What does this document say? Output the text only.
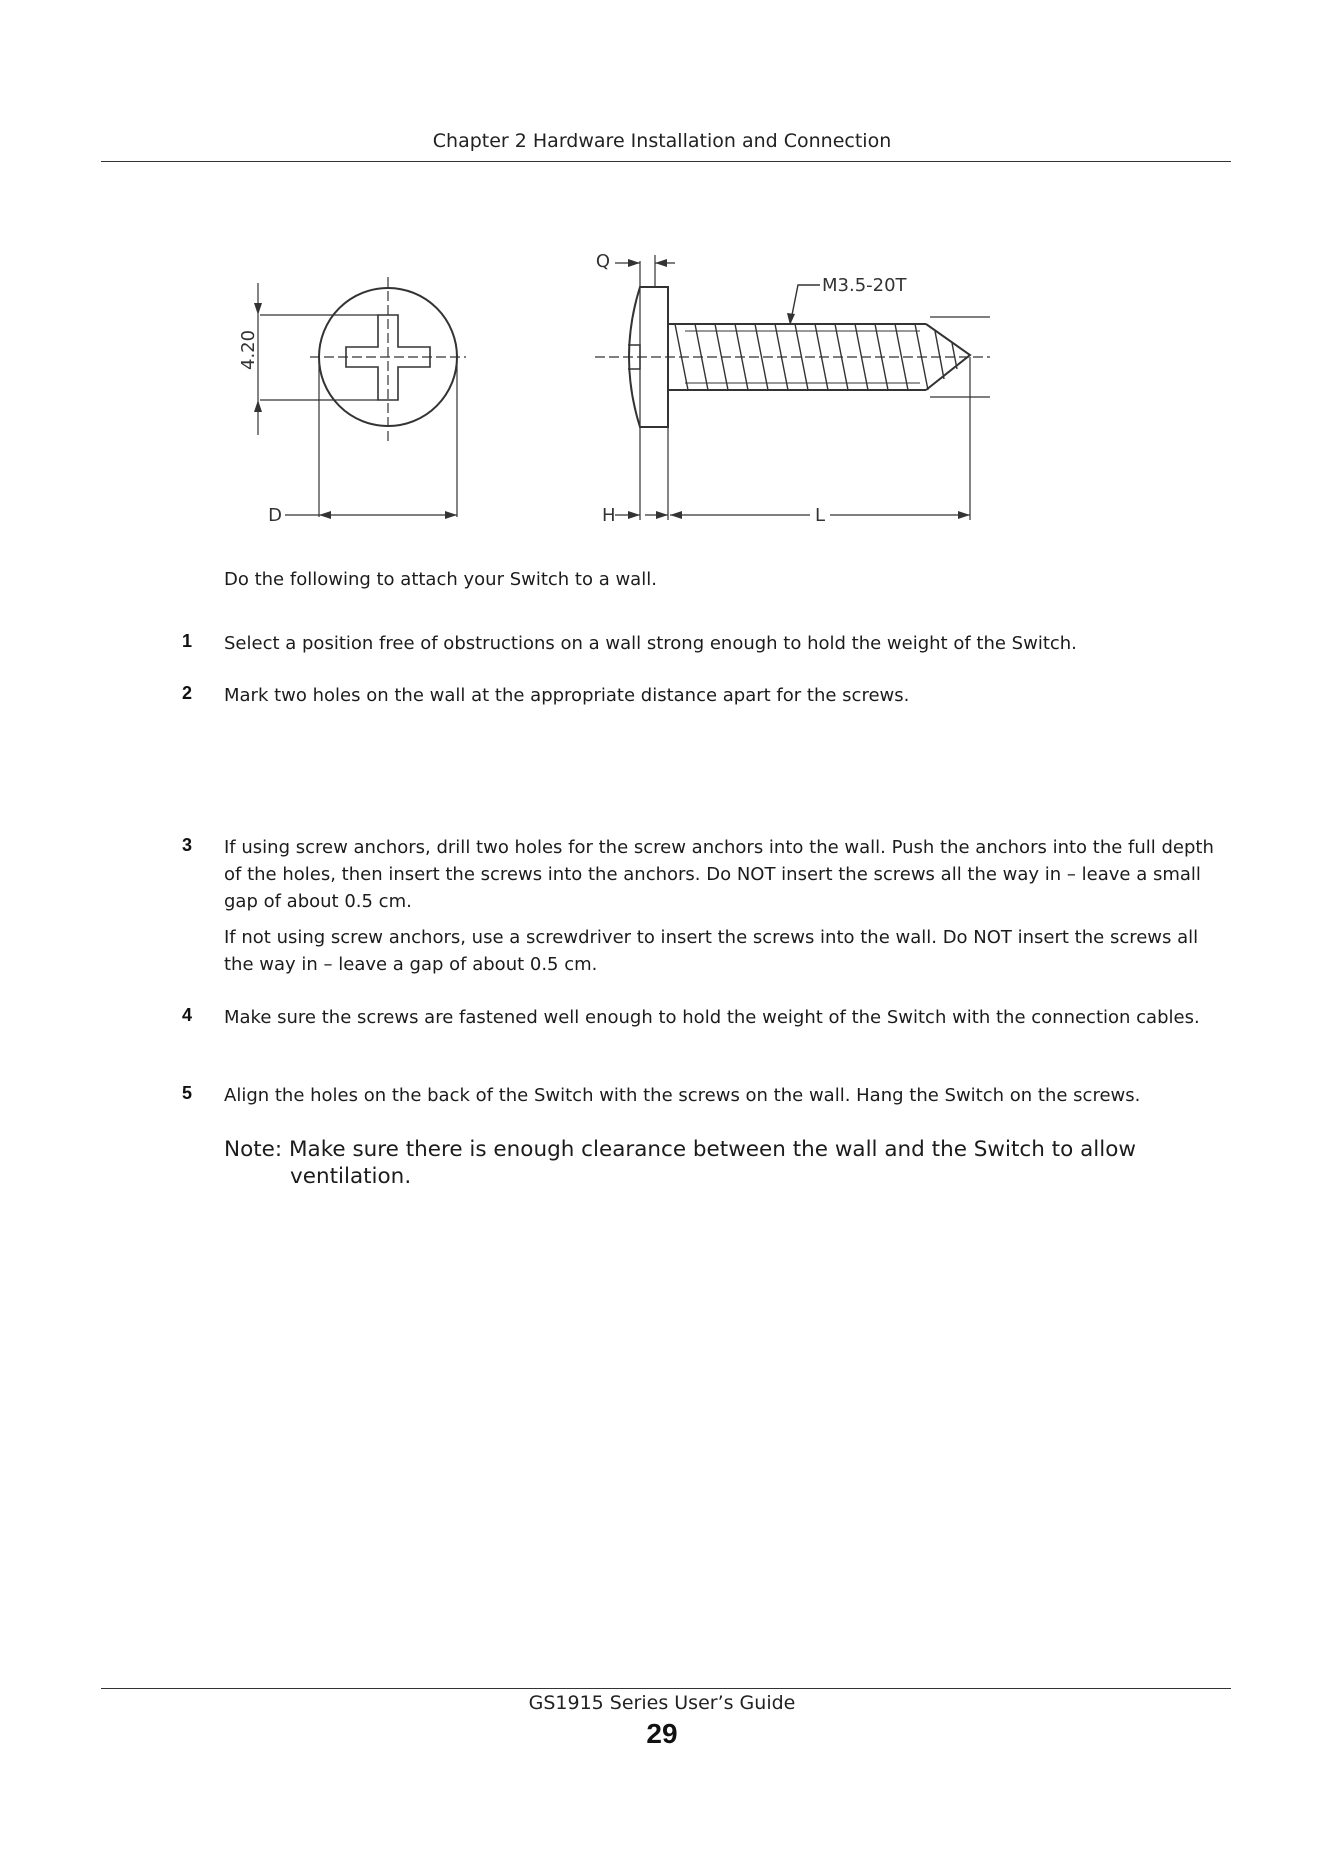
Chapter 2 Hardware Installation and Connection
4.20
D
Q
H	L
M3.5-20T
Do the following to attach your Switch to a wall.
1 Select a position free of obstructions on a wall strong enough to hold the weight of the Switch.
2 Mark two holes on the wall at the appropriate distance apart for the screws.
3 If using screw anchors, drill two holes for the screw anchors into the wall. Push the anchors into the full depth of the holes, then insert the screws into the anchors. Do NOT insert the screws all the way in – leave a small gap of about 0.5 cm.
If not using screw anchors, use a screwdriver to insert the screws into the wall. Do NOT insert the screws all the way in – leave a gap of about 0.5 cm.
4 Make sure the screws are fastened well enough to hold the weight of the Switch with the connection cables.
5 Align the holes on the back of the Switch with the screws on the wall. Hang the Switch on the screws.
Note: Make sure there is enough clearance between the wall and the Switch to allow
ventilation.
GS1915 Series User’s Guide
29
